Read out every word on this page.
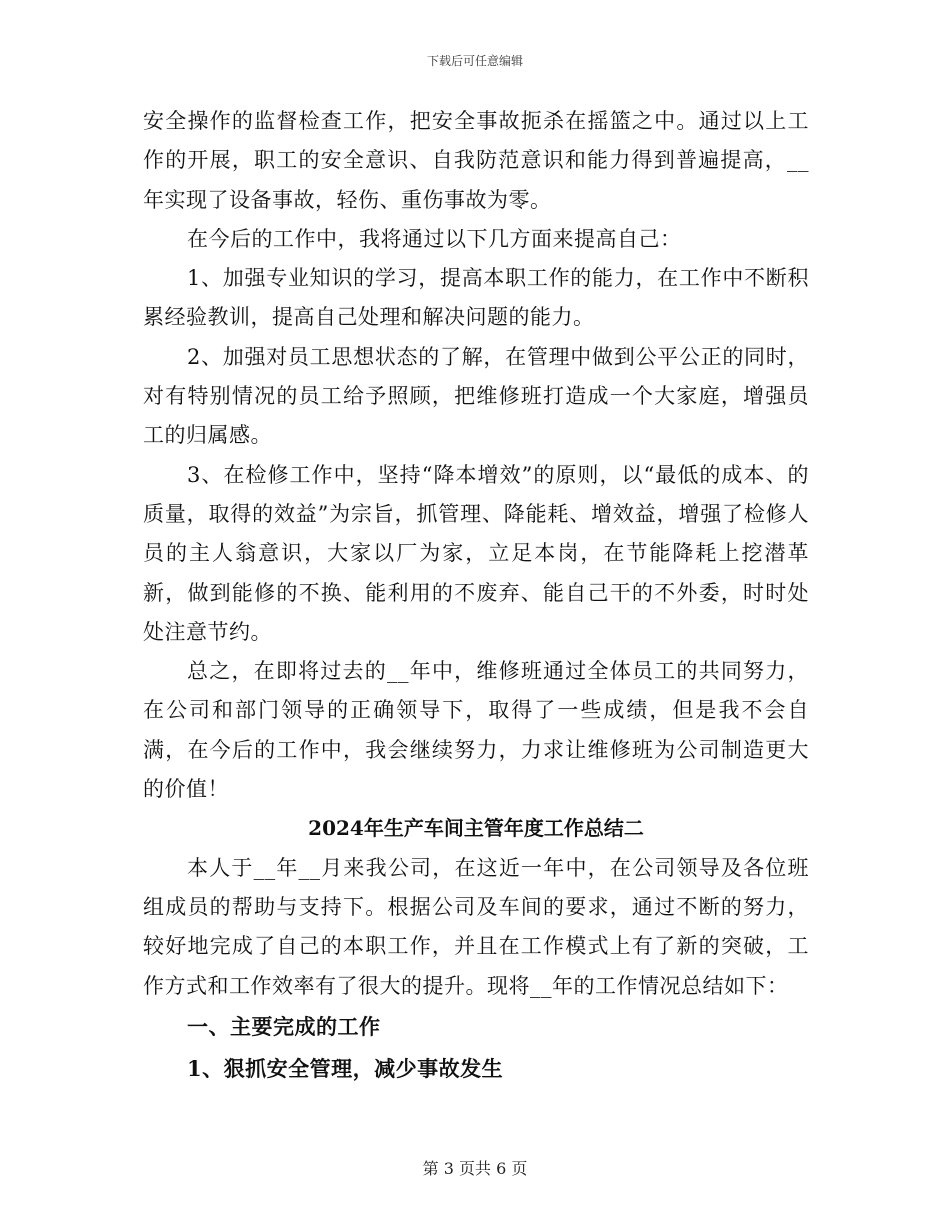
下载后可任意编辑

安全操作的监督检查工作，把安全事故扼杀在摇篮之中。通过以上工作的开展，职工的安全意识、自我防范意识和能力得到普遍提高，__年实现了设备事故，轻伤、重伤事故为零。

在今后的工作中，我将通过以下几方面来提高自己：

1、加强专业知识的学习，提高本职工作的能力，在工作中不断积累经验教训，提高自己处理和解决问题的能力。

2、加强对员工思想状态的了解，在管理中做到公平公正的同时，对有特别情况的员工给予照顾，把维修班打造成一个大家庭，增强员工的归属感。

3、在检修工作中，坚持“降本增效”的原则，以“最低的成本、的质量，取得的效益”为宗旨，抓管理、降能耗、增效益，增强了检修人员的主人翁意识，大家以厂为家，立足本岗，在节能降耗上挖潜革新，做到能修的不换、能利用的不废弃、能自己干的不外委，时时处处注意节约。

总之，在即将过去的__年中，维修班通过全体员工的共同努力，在公司和部门领导的正确领导下，取得了一些成绩，但是我不会自满，在今后的工作中，我会继续努力，力求让维修班为公司制造更大的价值！

2024年生产车间主管年度工作总结二

本人于__年__月来我公司，在这近一年中，在公司领导及各位班组成员的帮助与支持下。根据公司及车间的要求，通过不断的努力，较好地完成了自己的本职工作，并且在工作模式上有了新的突破，工作方式和工作效率有了很大的提升。现将__年的工作情况总结如下：

一、主要完成的工作

1、狠抓安全管理，减少事故发生

第 3 页共 6 页
